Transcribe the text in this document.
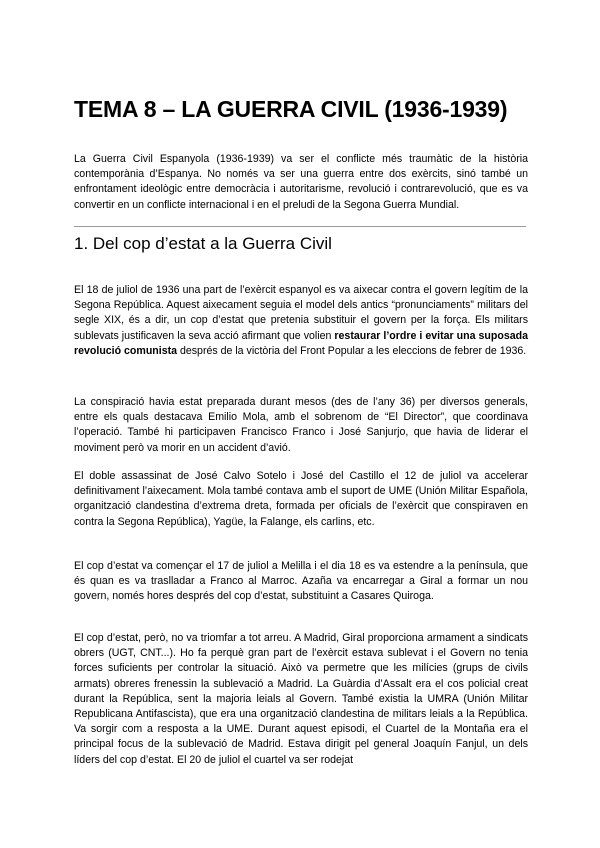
TEMA 8 – LA GUERRA CIVIL (1936-1939)

La Guerra Civil Espanyola (1936-1939) va ser el conflicte més traumàtic de la història contemporània d’Espanya. No només va ser una guerra entre dos exèrcits, sinó també un enfrontament ideològic entre democràcia i autoritarisme, revolució i contrarevolució, que es va convertir en un conflicte internacional i en el preludi de la Segona Guerra Mundial.

1. Del cop d’estat a la Guerra Civil

El 18 de juliol de 1936 una part de l’exèrcit espanyol es va aixecar contra el govern legítim de la Segona República. Aquest aixecament seguia el model dels antics “pronunciaments” militars del segle XIX, és a dir, un cop d’estat que pretenia substituir el govern per la força. Els militars sublevats justificaven la seva acció afirmant que volien restaurar l’ordre i evitar una suposada revolució comunista després de la victòria del Front Popular a les eleccions de febrer de 1936.

La conspiració havia estat preparada durant mesos (des de l’any 36) per diversos generals, entre els quals destacava Emilio Mola, amb el sobrenom de “El Director”, que coordinava l’operació. També hi participaven Francisco Franco i José Sanjurjo, que havia de liderar el moviment però va morir en un accident d’avió.

El doble assassinat de José Calvo Sotelo i José del Castillo el 12 de juliol va accelerar definitivament l’aixecament. Mola també contava amb el suport de UME (Unión Militar Española, organització clandestina d’extrema dreta, formada per oficials de l’exèrcit que conspiraven en contra la Segona República), Yagüe, la Falange, els carlins, etc.

El cop d’estat va començar el 17 de juliol a Melilla i el dia 18 es va estendre a la península, que és quan es va traslladar a Franco al Marroc. Azaña va encarregar a Giral a formar un nou govern, només hores després del cop d’estat, substituint a Casares Quiroga.

El cop d’estat, però, no va triomfar a tot arreu. A Madrid, Giral proporciona armament a sindicats obrers (UGT, CNT...). Ho fa perquè gran part de l’exèrcit estava sublevat i el Govern no tenia forces suficients per controlar la situació. Això va permetre que les milícies (grups de civils armats) obreres frenessin la sublevació a Madrid. La Guàrdia d’Assalt era el cos policial creat durant la República, sent la majoria leials al Govern. També existia la UMRA (Unión Militar Republicana Antifascista), que era una organització clandestina de militars leials a la República. Va sorgir com a resposta a la UME. Durant aquest episodi, el Cuartel de la Montaña era el principal focus de la sublevació de Madrid. Estava dirigit pel general Joaquín Fanjul, un dels líders del cop d’estat. El 20 de juliol el cuartel va ser rodejat
